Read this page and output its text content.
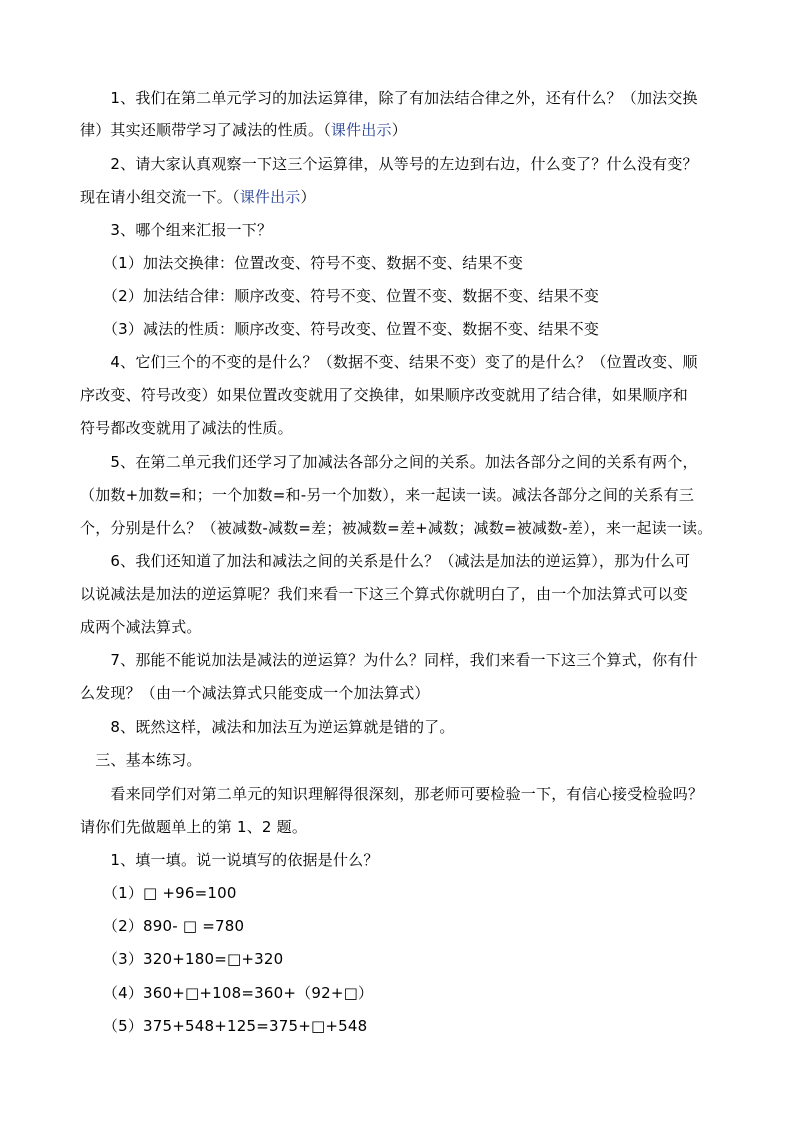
　　1、我们在第二单元学习的加法运算律，除了有加法结合律之外，还有什么？（加法交换
律）其实还顺带学习了减法的性质。（课件出示）
　　2、请大家认真观察一下这三个运算律，从等号的左边到右边，什么变了？什么没有变？
现在请小组交流一下。（课件出示）
　　3、哪个组来汇报一下？
　　（1）加法交换律：位置改变、符号不变、数据不变、结果不变
　　（2）加法结合律：顺序改变、符号不变、位置不变、数据不变、结果不变
　　（3）减法的性质：顺序改变、符号改变、位置不变、数据不变、结果不变
　　4、它们三个的不变的是什么？（数据不变、结果不变）变了的是什么？（位置改变、顺
序改变、符号改变）如果位置改变就用了交换律，如果顺序改变就用了结合律，如果顺序和
符号都改变就用了减法的性质。
　　5、在第二单元我们还学习了加减法各部分之间的关系。加法各部分之间的关系有两个，
（加数+加数=和；一个加数=和-另一个加数），来一起读一读。减法各部分之间的关系有三
个，分别是什么？（被减数-减数=差；被减数=差+减数；减数=被减数-差），来一起读一读。
　　6、我们还知道了加法和减法之间的关系是什么？（减法是加法的逆运算），那为什么可
以说减法是加法的逆运算呢？我们来看一下这三个算式你就明白了，由一个加法算式可以变
成两个减法算式。
　　7、那能不能说加法是减法的逆运算？为什么？同样，我们来看一下这三个算式，你有什
么发现？（由一个减法算式只能变成一个加法算式）
　　8、既然这样，减法和加法互为逆运算就是错的了。
　三、基本练习。
　　看来同学们对第二单元的知识理解得很深刻，那老师可要检验一下，有信心接受检验吗？
请你们先做题单上的第 1、2 题。
　　1、填一填。说一说填写的依据是什么？
　　（1）□ +96=100
　　（2）890- □ =780
　　（3）320+180=□+320
　　（4）360+□+108=360+（92+□）
　　（5）375+548+125=375+□+548
